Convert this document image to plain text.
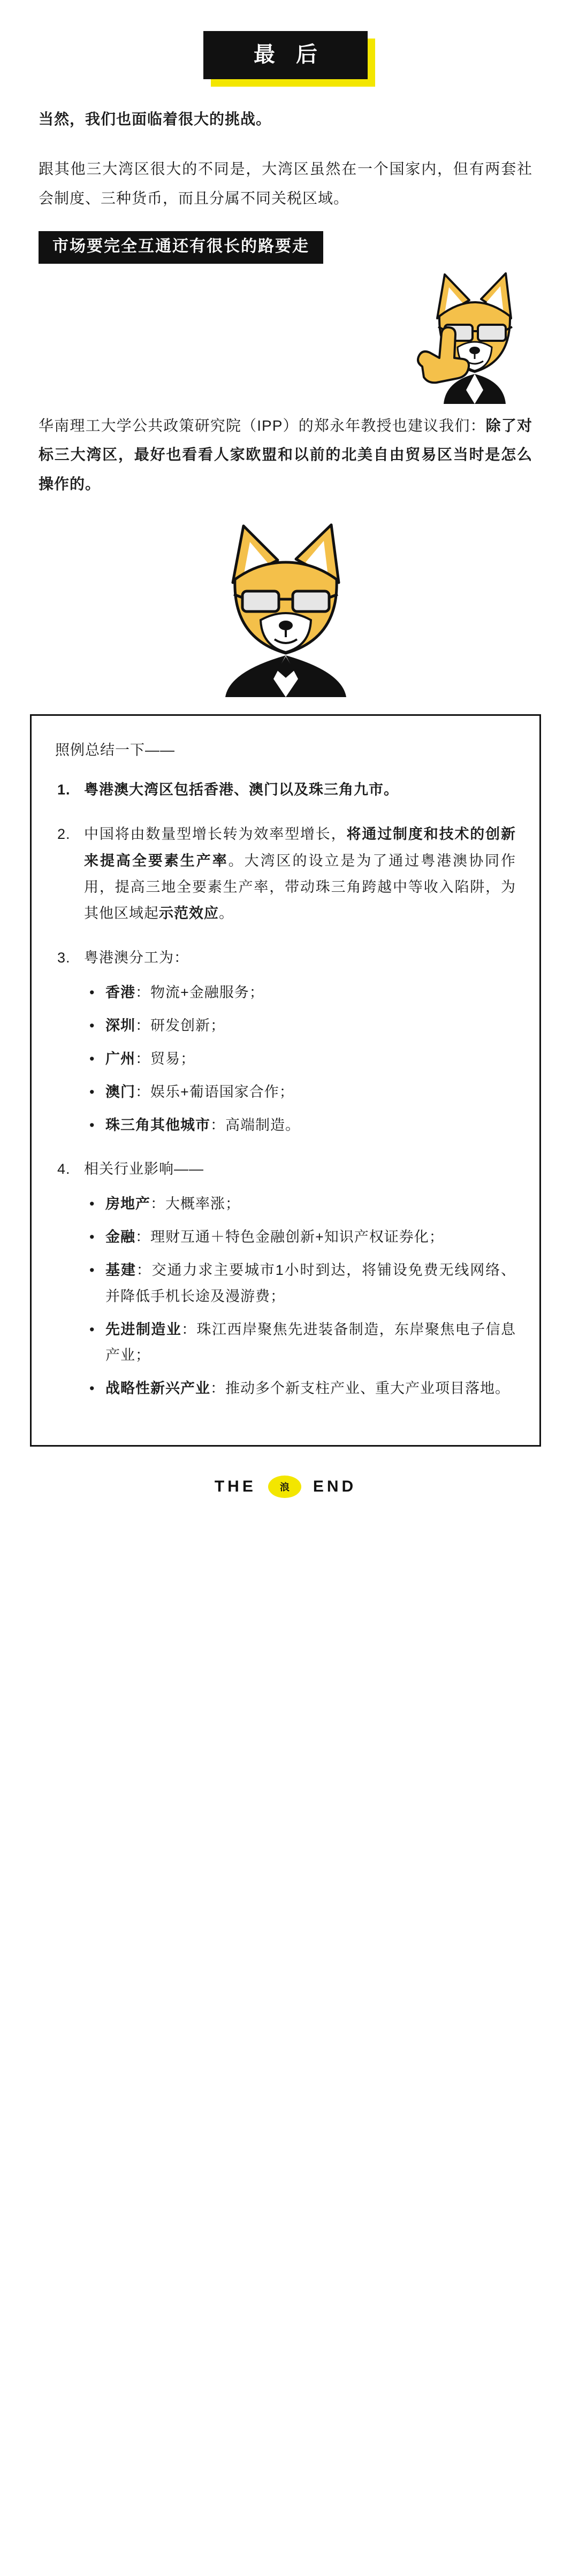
最 后

当然，我们也面临着很大的挑战。

跟其他三大湾区很大的不同是，大湾区虽然在一个国家内，但有两套社会制度、三种货币，而且分属不同关税区域。

市场要完全互通还有很长的路要走

华南理工大学公共政策研究院（IPP）的郑永年教授也建议我们：除了对标三大湾区，最好也看看人家欧盟和以前的北美自由贸易区当时是怎么操作的。

照例总结一下——

1. 粤港澳大湾区包括香港、澳门以及珠三角九市。
2. 中国将由数量型增长转为效率型增长，将通过制度和技术的创新来提高全要素生产率。大湾区的设立是为了通过粤港澳协同作用，提高三地全要素生产率，带动珠三角跨越中等收入陷阱，为其他区域起示范效应。
3. 粤港澳分工为：
• 香港：物流+金融服务；
• 深圳：研发创新；
• 广州：贸易；
• 澳门：娱乐+葡语国家合作；
• 珠三角其他城市：高端制造。
4. 相关行业影响——
• 房地产：大概率涨；
• 金融：理财互通＋特色金融创新+知识产权证券化；
• 基建：交通力求主要城市1小时到达，将铺设免费无线网络、并降低手机长途及漫游费；
• 先进制造业：珠江西岸聚焦先进装备制造，东岸聚焦电子信息产业；
• 战略性新兴产业：推动多个新支柱产业、重大产业项目落地。
THE	浪	END
